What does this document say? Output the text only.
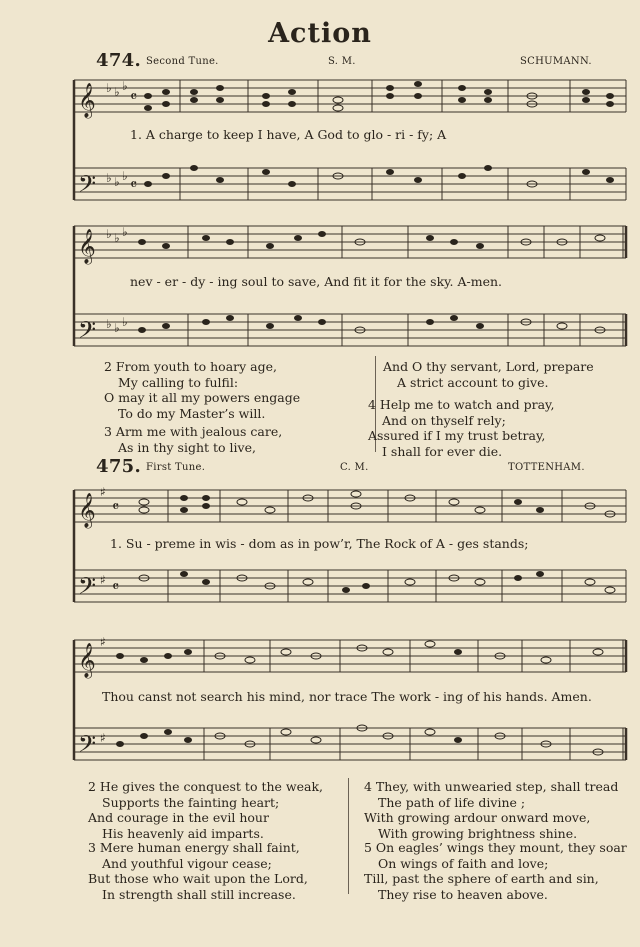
Action
474. Second Tune.	S. M.	SCHUMANN.
𝄞
𝄢
♭ ♭ ♭
♭ ♭ ♭
𝄴
𝄴
1. A charge to keep I have, A God to glo - ri - fy; A
𝄞
𝄢
♭ ♭ ♭
♭ ♭ ♭
nev - er - dy - ing soul to save, And fit it for the sky. A-men.
2 From youth to hoary age,
My calling to fulfil:
O may it all my powers engage
To do my Master’s will.
3 Arm me with jealous care,
As in thy sight to live,
And O thy servant, Lord, prepare
A strict account to give.
4 Help me to watch and pray,
And on thyself rely;
Assured if I my trust betray,
I shall for ever die.
475. First Tune.	C. M.	TOTTENHAM.
𝄞
𝄢
♯
♯
𝄴
𝄴
1. Su - preme in wis - dom as in pow’r, The Rock of A - ges stands;
𝄞
𝄢
♯
♯
Thou canst not search his mind, nor trace The work - ing of his hands. Amen.
2 He gives the conquest to the weak,
Supports the fainting heart;
And courage in the evil hour
His heavenly aid imparts.
3 Mere human energy shall faint,
And youthful vigour cease;
But those who wait upon the Lord,
In strength shall still increase.
4 They, with unwearied step, shall tread
The path of life divine ;
With growing ardour onward move,
With growing brightness shine.
5 On eagles’ wings they mount, they soar
On wings of faith and love;
Till, past the sphere of earth and sin,
They rise to heaven above.
